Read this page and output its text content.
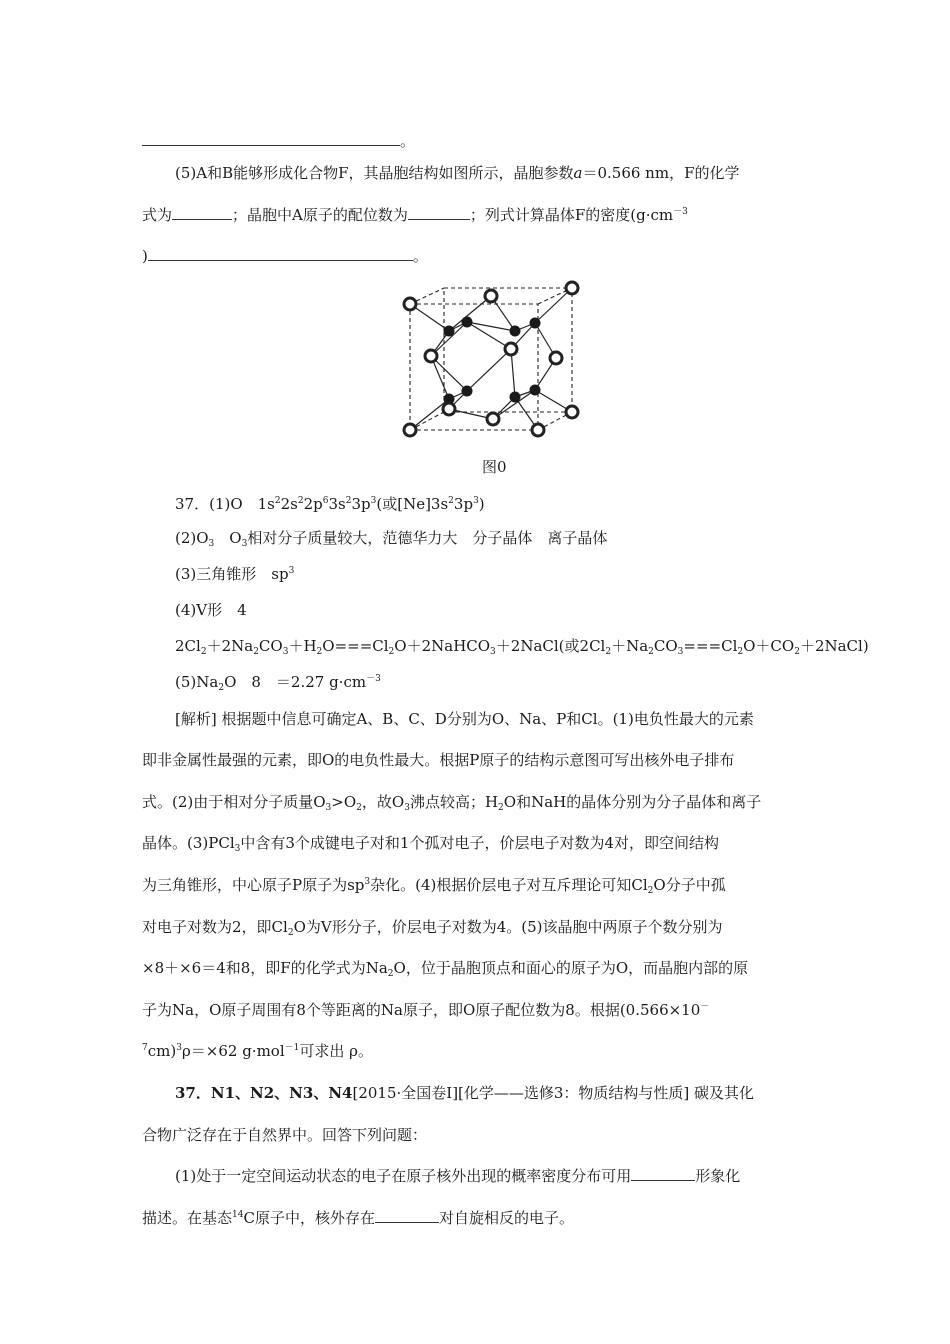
。
(5)A和B能够形成化合物F，其晶胞结构如图所示，晶胞参数a＝0.566 nm，F的化学
式为	；晶胞中A原子的配位数为	；列式计算晶体F的密度($g\cdot cm^{-3}$
)	。
图0
37．(1)O　$1s^22s^22p^63s^23p^3$(或$[Ne]3s^23p^3$)
$(2)O_3$　$O_3$相对分子质量较大，范德华力大　分子晶体　离子晶体
(3)三角锥形　$sp^3$
(4)V形　4
$2Cl_2+2Na_2CO_3+H_2O===Cl_2O+2NaHCO_3+2NaCl$(或$2Cl_2+Na_2CO_3===Cl_2O+CO_2+2NaCl$)
$(5)Na_2O$　8　＝2.27 $g\cdot cm^{-3}$
[解析] 根据题中信息可确定A、B、C、D分别为O、Na、P和Cl。(1)电负性最大的元素
即非金属性最强的元素，即O的电负性最大。根据P原子的结构示意图可写出核外电子排布
式。(2)由于相对分子质量$O_3>O_2$，故$O_3$沸点较高；$H_2O$和NaH的晶体分别为分子晶体和离子
晶体。(3)PCl$_3$中含有3个成键电子对和1个孤对电子，价层电子对数为4对，即空间结构
为三角锥形，中心原子P原子为$sp^3$杂化。(4)根据价层电子对互斥理论可知$Cl_2O$分子中孤
对电子对数为2，即$Cl_2O$为V形分子，价层电子对数为4。(5)该晶胞中两原子个数分别为
×8＋×6＝4和8，即F的化学式为$Na_2O$，位于晶胞顶点和面心的原子为O，而晶胞内部的原
子为Na，O原子周围有8个等距离的Na原子，即O原子配位数为8。根据(0.566×10－
$^7$cm)$^3$ρ＝×62 g·mol$^{-1}$可求出 ρ。
37．N1、N2、N3、N4[2015·全国卷Ⅰ][化学——选修3：物质结构与性质] 碳及其化
合物广泛存在于自然界中。回答下列问题：
(1)处于一定空间运动状态的电子在原子核外出现的概率密度分布可用	形象化
描述。在基态$^{14}$C原子中，核外存在	对自旋相反的电子。
